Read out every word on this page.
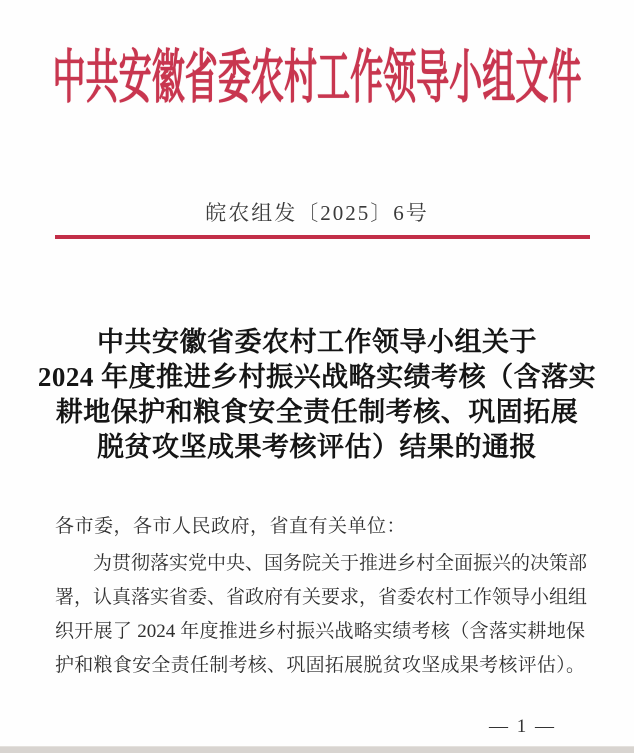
中共安徽省委农村工作领导小组文件
皖农组发〔2025〕6号
中共安徽省委农村工作领导小组关于
2024 年度推进乡村振兴战略实绩考核（含落实
耕地保护和粮食安全责任制考核、巩固拓展
脱贫攻坚成果考核评估）结果的通报
各市委，各市人民政府，省直有关单位：
为贯彻落实党中央、国务院关于推进乡村全面振兴的决策部
署，认真落实省委、省政府有关要求，省委农村工作领导小组组
织开展了 2024 年度推进乡村振兴战略实绩考核（含落实耕地保
护和粮食安全责任制考核、巩固拓展脱贫攻坚成果考核评估）。
— 1 —
